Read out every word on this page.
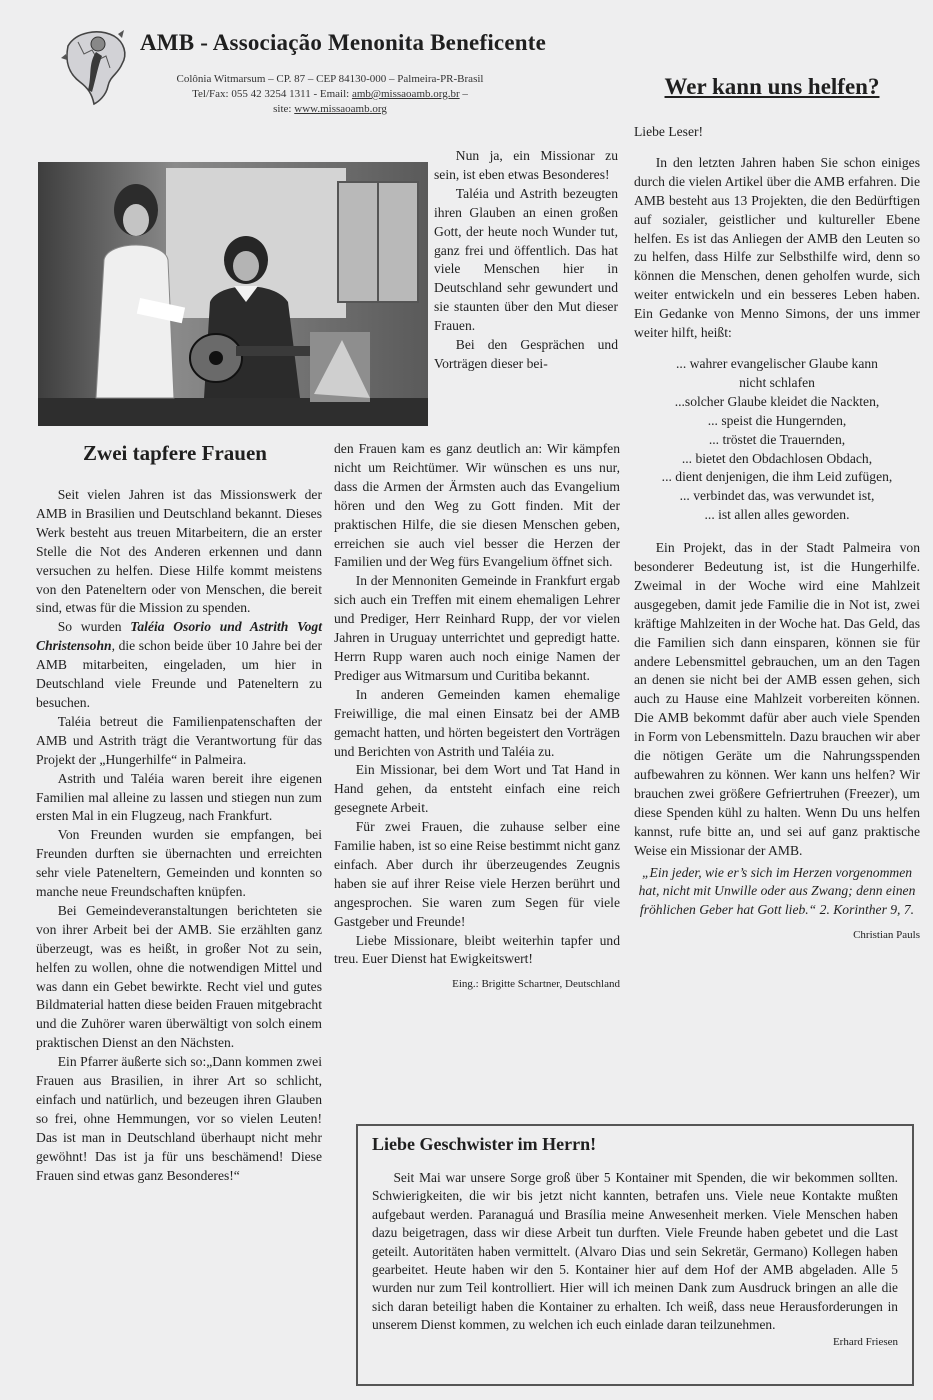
AMB - Associação Menonita Beneficente
Colônia Witmarsum – CP. 87 – CEP 84130-000 – Palmeira-PR-Brasil
Tel/Fax: 055 42 3254 1311 - Email: amb@missaoamb.org.br –
site: www.missaoamb.org
Wer kann uns helfen?
Zwei tapfere Frauen

Seit vielen Jahren ist das Missionswerk der AMB in Brasilien und Deutschland bekannt. Dieses Werk besteht aus treuen Mitarbeitern, die an erster Stelle die Not des Anderen erkennen und dann versuchen zu helfen. Diese Hilfe kommt meistens von den Pateneltern oder von Menschen, die bereit sind, etwas für die Mission zu spenden.

So wurden Taléia Osorio und Astrith Vogt Christensohn, die schon beide über 10 Jahre bei der AMB mitarbeiten, eingeladen, um hier in Deutschland viele Freunde und Pateneltern zu besuchen.

Taléia betreut die Familienpatenschaften der AMB und Astrith trägt die Verantwortung für das Projekt der „Hungerhilfe“ in Palmeira.

Astrith und Taléia waren bereit ihre eigenen Familien mal alleine zu lassen und stiegen nun zum ersten Mal in ein Flugzeug, nach Frankfurt.

Von Freunden wurden sie empfangen, bei Freunden durften sie übernachten und erreichten sehr viele Pateneltern, Gemeinden und konnten so manche neue Freundschaften knüpfen.

Bei Gemeindeveranstaltungen berichteten sie von ihrer Arbeit bei der AMB. Sie erzählten ganz überzeugt, was es heißt, in großer Not zu sein, helfen zu wollen, ohne die notwendigen Mittel und was dann ein Gebet bewirkte. Recht viel und gutes Bildmaterial hatten diese beiden Frauen mitgebracht und die Zuhörer waren überwältigt von solch einem praktischen Dienst an den Nächsten.

Ein Pfarrer äußerte sich so:„Dann kommen zwei Frauen aus Brasilien, in ihrer Art so schlicht, einfach und natürlich, und bezeugen ihren Glauben so frei, ohne Hemmungen, vor so vielen Leuten! Das ist man in Deutschland überhaupt nicht mehr gewöhnt! Das ist ja für uns beschämend! Diese Frauen sind etwas ganz Besonderes!“

Nun ja, ein Missionar zu sein, ist eben etwas Besonderes!

Taléia und Astrith bezeugten ihren Glauben an einen großen Gott, der heute noch Wunder tut, ganz frei und öffentlich. Das hat viele Menschen hier in Deutschland sehr gewundert und sie staunten über den Mut dieser Frauen.

Bei den Gesprächen und Vorträgen dieser bei-

den Frauen kam es ganz deutlich an: Wir kämpfen nicht um Reichtümer. Wir wünschen es uns nur, dass die Armen der Ärmsten auch das Evangelium hören und den Weg zu Gott finden. Mit der praktischen Hilfe, die sie diesen Menschen geben, erreichen sie auch viel besser die Herzen der Familien und der Weg fürs Evangelium öffnet sich.

In der Mennoniten Gemeinde in Frankfurt ergab sich auch ein Treffen mit einem ehemaligen Lehrer und Prediger, Herr Reinhard Rupp, der vor vielen Jahren in Uruguay unterrichtet und gepredigt hatte. Herrn Rupp waren auch noch einige Namen der Prediger aus Witmarsum und Curitiba bekannt.

In anderen Gemeinden kamen ehemalige Freiwillige, die mal einen Einsatz bei der AMB gemacht hatten, und hörten begeistert den Vorträgen und Berichten von Astrith und Taléia zu.

Ein Missionar, bei dem Wort und Tat Hand in Hand gehen, da entsteht einfach eine reich gesegnete Arbeit.

Für zwei Frauen, die zuhause selber eine Familie haben, ist so eine Reise bestimmt nicht ganz einfach. Aber durch ihr überzeugendes Zeugnis haben sie auf ihrer Reise viele Herzen berührt und angesprochen. Sie waren zum Segen für viele Gastgeber und Freunde!

Liebe Missionare, bleibt weiterhin tapfer und treu. Euer Dienst hat Ewigkeitswert!

Eing.: Brigitte Schartner, Deutschland

Liebe Leser!

In den letzten Jahren haben Sie schon einiges durch die vielen Artikel über die AMB erfahren. Die AMB besteht aus 13 Projekten, die den Bedürftigen auf sozialer, geistlicher und kultureller Ebene helfen. Es ist das Anliegen der AMB den Leuten so zu helfen, dass Hilfe zur Selbsthilfe wird, denn so können die Menschen, denen geholfen wurde, sich weiter entwickeln und ein besseres Leben haben. Ein Gedanke von Menno Simons, der uns immer weiter hilft, heißt:

... wahrer evangelischer Glaube kann
nicht schlafen
...solcher Glaube kleidet die Nackten,
... speist die Hungernden,
... tröstet die Trauernden,
... bietet den Obdachlosen Obdach,
... dient denjenigen, die ihm Leid zufügen,
... verbindet das, was verwundet ist,
... ist allen alles geworden.

Ein Projekt, das in der Stadt Palmeira von besonderer Bedeutung ist, ist die Hungerhilfe. Zweimal in der Woche wird eine Mahlzeit ausgegeben, damit jede Familie die in Not ist, zwei kräftige Mahlzeiten in der Woche hat. Das Geld, das die Familien sich dann einsparen, können sie für andere Lebensmittel gebrauchen, um an den Tagen an denen sie nicht bei der AMB essen gehen, sich auch zu Hause eine Mahlzeit vorbereiten können. Die AMB bekommt dafür aber auch viele Spenden in Form von Lebensmitteln. Dazu brauchen wir aber die nötigen Geräte um die Nahrungsspenden aufbewahren zu können. Wer kann uns helfen? Wir brauchen zwei größere Gefriertruhen (Freezer), um diese Spenden kühl zu halten. Wenn Du uns helfen kannst, rufe bitte an, und sei auf ganz praktische Weise ein Missionar der AMB.

„Ein jeder, wie er’s sich im Herzen vorgenommen hat, nicht mit Unwille oder aus Zwang; denn einen fröhlichen Geber hat Gott lieb.“ 2. Korinther 9, 7.

Christian Pauls

Liebe Geschwister im Herrn!

Seit Mai war unsere Sorge groß über 5 Kontainer mit Spenden, die wir bekommen sollten. Schwierigkeiten, die wir bis jetzt nicht kannten, betrafen uns. Viele neue Kontakte mußten aufgebaut werden. Paranaguá und Brasília meine Anwesenheit merken. Viele Menschen haben dazu beigetragen, dass wir diese Arbeit tun durften. Viele Freunde haben gebetet und die Last geteilt. Autoritäten haben vermittelt. (Alvaro Dias und sein Sekretär, Germano) Kollegen haben gearbeitet. Heute haben wir den 5. Kontainer hier auf dem Hof der AMB abgeladen. Alle 5 wurden nur zum Teil kontrolliert. Hier will ich meinen Dank zum Ausdruck bringen an alle die sich daran beteiligt haben die Kontainer zu erhalten. Ich weiß, dass neue Herausforderungen in unserem Dienst kommen, zu welchen ich euch einlade daran teilzunehmen.

Erhard Friesen
